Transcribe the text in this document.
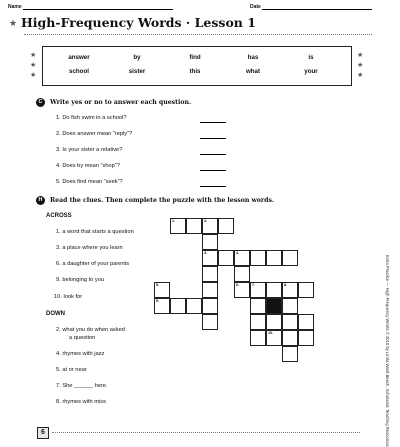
Name	Date
★ High-Frequency Words · Lesson 1
★
★
★
★
★
★
answer	by	find	has	is
school	sister	this	what	your
C	Write yes or no to answer each question.
1. Do fish swim in a school?
2. Does answer mean “reply”?
3. Is your sister a relative?
4. Does by mean “shop”?
5. Does find mean “seek”?
H	Read the clues. Then complete the puzzle with the lesson words.
ACROSS
1. a word that starts a question
3. a place where you learn
6. a daughter of your parents
9. belonging to you
10. look for
DOWN
2. what you do when asked
a question
4. rhymes with jazz
5. at or near
7. She ______ here.
8. rhymes with miss
1.	2.
3.	4.
5.	6.	7.	8.
9.
10.	Extra Practice — High-Frequency Words © 2010 by Linda Ward Beech, Scholastic Teaching Resources
6
